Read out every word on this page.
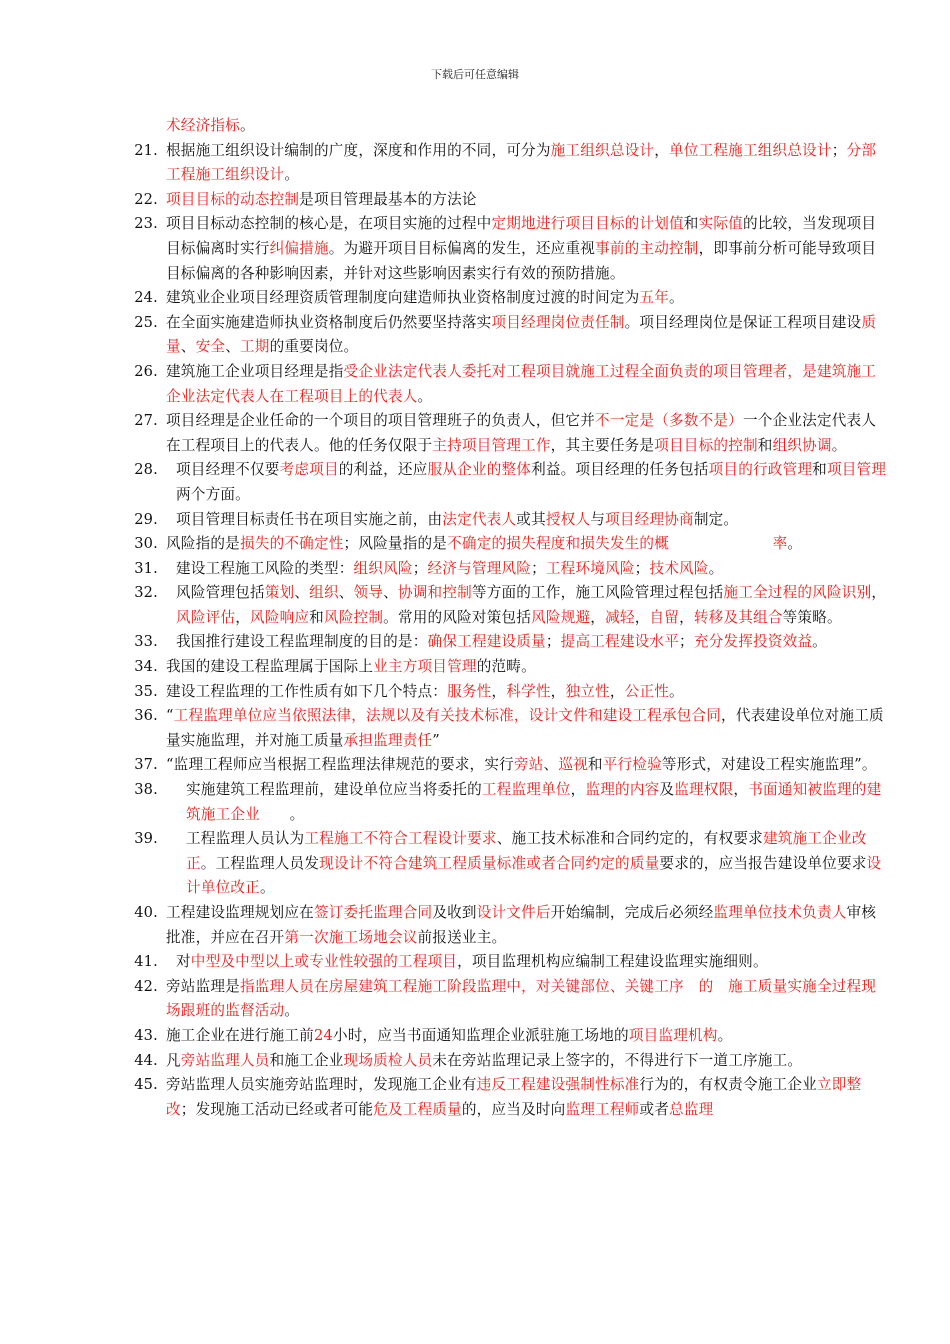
下载后可任意编辑
术经济指标。
21. 根据施工组织设计编制的广度，深度和作用的不同，可分为施工组织总设计，单位工程施工组织总设计；分部工程施工组织设计。
22. 项目目标的动态控制是项目管理最基本的方法论
23. 项目目标动态控制的核心是，在项目实施的过程中定期地进行项目目标的计划值和实际值的比较，当发现项目目标偏离时实行纠偏措施。为避开项目目标偏离的发生，还应重视事前的主动控制，即事前分析可能导致项目目标偏离的各种影响因素，并针对这些影响因素实行有效的预防措施。
24. 建筑业企业项目经理资质管理制度向建造师执业资格制度过渡的时间定为五年。
25. 在全面实施建造师执业资格制度后仍然要坚持落实项目经理岗位责任制。项目经理岗位是保证工程项目建设质量、安全、工期的重要岗位。
26. 建筑施工企业项目经理是指受企业法定代表人委托对工程项目就施工过程全面负责的项目管理者，是建筑施工企业法定代表人在工程项目上的代表人。
27. 项目经理是企业任命的一个项目的项目管理班子的负责人，但它并不一定是（多数不是）一个企业法定代表人在工程项目上的代表人。他的任务仅限于主持项目管理工作，其主要任务是项目目标的控制和组织协调。
28.	项目经理不仅要考虑项目的利益，还应服从企业的整体利益。项目经理的任务包括项目的行政管理和项目管理两个方面。
29.	项目管理目标责任书在项目实施之前，由法定代表人或其授权人与项目经理协商制定。
30. 风险指的是损失的不确定性；风险量指的是不确定的损失程度和损失发生的概　　　　　　　率。
31.	建设工程施工风险的类型：组织风险；经济与管理风险；工程环境风险；技术风险。
32.	风险管理包括策划、组织、领导、协调和控制等方面的工作，施工风险管理过程包括施工全过程的风险识别，风险评估，风险响应和风险控制。常用的风险对策包括风险规避，减轻，自留，转移及其组合等策略。
33.	我国推行建设工程监理制度的目的是：确保工程建设质量；提高工程建设水平；充分发挥投资效益。
34. 我国的建设工程监理属于国际上业主方项目管理的范畴。
35. 建设工程监理的工作性质有如下几个特点：服务性，科学性，独立性，公正性。
36. “工程监理单位应当依照法律，法规以及有关技术标准，设计文件和建设工程承包合同，代表建设单位对施工质量实施监理，并对施工质量承担监理责任”
37. “监理工程师应当根据工程监理法律规范的要求，实行旁站、巡视和平行检验等形式，对建设工程实施监理”。
38.	实施建筑工程监理前，建设单位应当将委托的工程监理单位，监理的内容及监理权限，书面通知被监理的建筑施工企业　　。
39.	工程监理人员认为工程施工不符合工程设计要求、施工技术标准和合同约定的，有权要求建筑施工企业改正。工程监理人员发现设计不符合建筑工程质量标准或者合同约定的质量要求的，应当报告建设单位要求设计单位改正。
40. 工程建设监理规划应在签订委托监理合同及收到设计文件后开始编制，完成后必须经监理单位技术负责人审核批准，并应在召开第一次施工场地会议前报送业主。
41.	对中型及中型以上或专业性较强的工程项目，项目监理机构应编制工程建设监理实施细则。
42. 旁站监理是指监理人员在房屋建筑工程施工阶段监理中，对关键部位、关键工序　的　施工质量实施全过程现场跟班的监督活动。
43. 施工企业在进行施工前24小时，应当书面通知监理企业派驻施工场地的项目监理机构。
44. 凡旁站监理人员和施工企业现场质检人员未在旁站监理记录上签字的，不得进行下一道工序施工。
45. 旁站监理人员实施旁站监理时，发现施工企业有违反工程建设强制性标准行为的，有权责令施工企业立即整改；发现施工活动已经或者可能危及工程质量的，应当及时向监理工程师或者总监理
